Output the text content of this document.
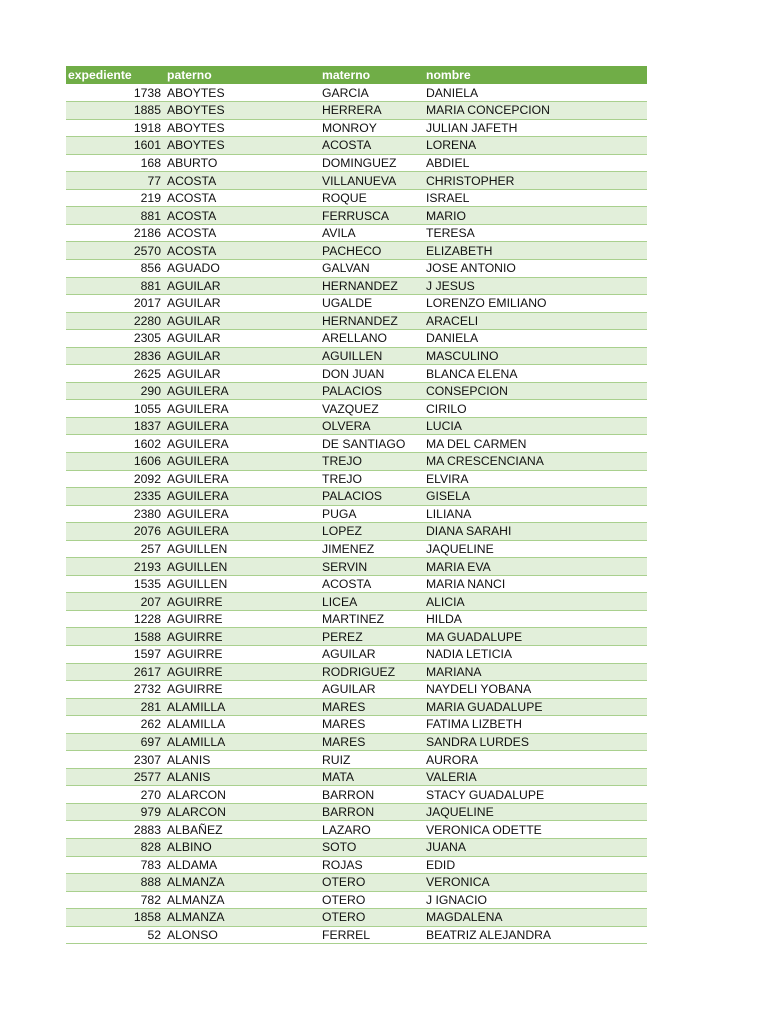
expediente	paterno	materno	nombre
1738	ABOYTES	GARCIA	DANIELA
1885	ABOYTES	HERRERA	MARIA CONCEPCION
1918	ABOYTES	MONROY	JULIAN JAFETH
1601	ABOYTES	ACOSTA	LORENA
168	ABURTO	DOMINGUEZ	ABDIEL
77	ACOSTA	VILLANUEVA	CHRISTOPHER
219	ACOSTA	ROQUE	ISRAEL
881	ACOSTA	FERRUSCA	MARIO
2186	ACOSTA	AVILA	TERESA
2570	ACOSTA	PACHECO	ELIZABETH
856	AGUADO	GALVAN	JOSE ANTONIO
881	AGUILAR	HERNANDEZ	J JESUS
2017	AGUILAR	UGALDE	LORENZO EMILIANO
2280	AGUILAR	HERNANDEZ	ARACELI
2305	AGUILAR	ARELLANO	DANIELA
2836	AGUILAR	AGUILLEN	MASCULINO
2625	AGUILAR	DON JUAN	BLANCA ELENA
290	AGUILERA	PALACIOS	CONSEPCION
1055	AGUILERA	VAZQUEZ	CIRILO
1837	AGUILERA	OLVERA	LUCIA
1602	AGUILERA	DE SANTIAGO	MA DEL CARMEN
1606	AGUILERA	TREJO	MA CRESCENCIANA
2092	AGUILERA	TREJO	ELVIRA
2335	AGUILERA	PALACIOS	GISELA
2380	AGUILERA	PUGA	LILIANA
2076	AGUILERA	LOPEZ	DIANA SARAHI
257	AGUILLEN	JIMENEZ	JAQUELINE
2193	AGUILLEN	SERVIN	MARIA EVA
1535	AGUILLEN	ACOSTA	MARIA NANCI
207	AGUIRRE	LICEA	ALICIA
1228	AGUIRRE	MARTINEZ	HILDA
1588	AGUIRRE	PEREZ	MA GUADALUPE
1597	AGUIRRE	AGUILAR	NADIA LETICIA
2617	AGUIRRE	RODRIGUEZ	MARIANA
2732	AGUIRRE	AGUILAR	NAYDELI YOBANA
281	ALAMILLA	MARES	MARIA GUADALUPE
262	ALAMILLA	MARES	FATIMA LIZBETH
697	ALAMILLA	MARES	SANDRA LURDES
2307	ALANIS	RUIZ	AURORA
2577	ALANIS	MATA	VALERIA
270	ALARCON	BARRON	STACY GUADALUPE
979	ALARCON	BARRON	JAQUELINE
2883	ALBAÑEZ	LAZARO	VERONICA ODETTE
828	ALBINO	SOTO	JUANA
783	ALDAMA	ROJAS	EDID
888	ALMANZA	OTERO	VERONICA
782	ALMANZA	OTERO	J IGNACIO
1858	ALMANZA	OTERO	MAGDALENA
52	ALONSO	FERREL	BEATRIZ ALEJANDRA
